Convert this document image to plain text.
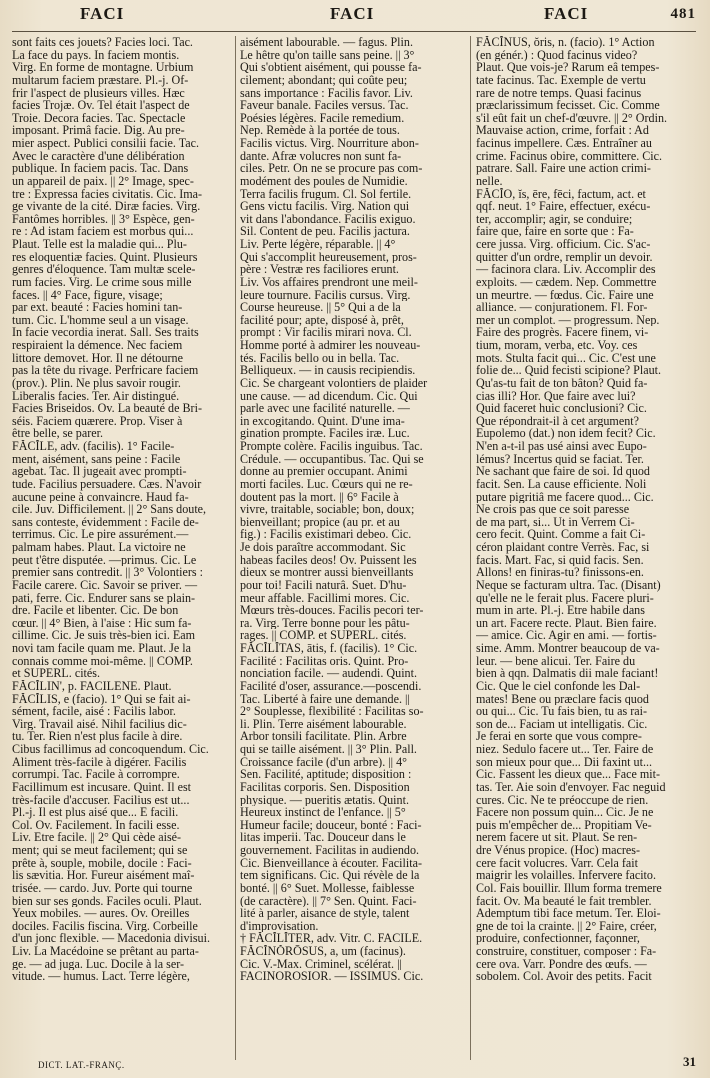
FACI	FACI	FACI	481
sont faits ces jouets? Facies loci. Tac.
La face du pays. In faciem montis.
Virg. En forme de montagne. Urbium
multarum faciem præstare. Pl.-j. Of-
frir l'aspect de plusieurs villes. Hæc
facies Trojæ. Ov. Tel était l'aspect de
Troie. Decora facies. Tac. Spectacle
imposant. Primâ facie. Dig. Au pre-
mier aspect. Publici consilii facie. Tac.
Avec le caractère d'une délibération
publique. In faciem pacis. Tac. Dans
un appareil de paix. || 2° Image, spec-
tre : Expressa facies civitatis. Cic. Ima-
ge vivante de la cité. Diræ facies. Virg.
Fantômes horribles. || 3° Espèce, gen-
re : Ad istam faciem est morbus qui...
Plaut. Telle est la maladie qui... Plu-
res eloquentiæ facies. Quint. Plusieurs
genres d'éloquence. Tam multæ scele-
rum facies. Virg. Le crime sous mille
faces. || 4° Face, figure, visage;
par ext. beauté : Facies homini tan-
tum. Cic. L'homme seul a un visage.
In facie vecordia inerat. Sall. Ses traits
respiraient la démence. Nec faciem
littore demovet. Hor. Il ne détourne
pas la tête du rivage. Perfricare faciem
(prov.). Plin. Ne plus savoir rougir.
Liberalis facies. Ter. Air distingué.
Facies Briseidos. Ov. La beauté de Bri-
séis. Faciem quærere. Prop. Viser à
être belle, se parer.
FĂCĬLE, adv. (facilis). 1° Facile-
ment, aisément, sans peine : Facile
agebat. Tac. Il jugeait avec prompti-
tude. Facilius persuadere. Cæs. N'avoir
aucune peine à convaincre. Haud fa-
cile. Juv. Difficilement. || 2° Sans doute,
sans conteste, évidemment : Facile de-
terrimus. Cic. Le pire assurément.—
palmam habes. Plaut. La victoire ne
peut t'être disputée. —primus. Cic. Le
premier sans contredit. || 3° Volontiers :
Facile carere. Cic. Savoir se priver. —
pati, ferre. Cic. Endurer sans se plain-
dre. Facile et libenter. Cic. De bon
cœur. || 4° Bien, à l'aise : Hic sum fa-
cillime. Cic. Je suis très-bien ici. Eam
novi tam facile quam me. Plaut. Je la
connais comme moi-même. || COMP.
et SUPERL. cités.
FĂCĬLIN', p. FACILENE. Plaut.
FĂCĬLIS, e (facio). 1° Qui se fait ai-
sément, facile, aisé : Facilis labor.
Virg. Travail aisé. Nihil facilius dic-
tu. Ter. Rien n'est plus facile à dire.
Cibus facillimus ad concoquendum. Cic.
Aliment très-facile à digérer. Facilis
corrumpi. Tac. Facile à corrompre.
Facillimum est incusare. Quint. Il est
très-facile d'accuser. Facilius est ut...
Pl.-j. Il est plus aisé que... E facili.
Col. Ov. Facilement. In facili esse.
Liv. Etre facile. || 2° Qui cède aisé-
ment; qui se meut facilement; qui se
prête à, souple, mobile, docile : Faci-
lis sævitia. Hor. Fureur aisément maî-
trisée. — cardo. Juv. Porte qui tourne
bien sur ses gonds. Faciles oculi. Plaut.
Yeux mobiles. — aures. Ov. Oreilles
dociles. Facilis fiscina. Virg. Corbeille
d'un jonc flexible. — Macedonia divisui.
Liv. La Macédoine se prêtant au parta-
ge. — ad juga. Luc. Docile à la ser-
vitude. — humus. Lact. Terre légère,
aisément labourable. — fagus. Plin.
Le hêtre qu'on taille sans peine. || 3°
Qui s'obtient aisément, qui pousse fa-
cilement; abondant; qui coûte peu;
sans importance : Facilis favor. Liv.
Faveur banale. Faciles versus. Tac.
Poésies légères. Facile remedium.
Nep. Remède à la portée de tous.
Facilis victus. Virg. Nourriture abon-
dante. Afræ volucres non sunt fa-
ciles. Petr. On ne se procure pas com-
modément des poules de Numidie.
Terra facilis frugum. Cl. Sol fertile.
Gens victu facilis. Virg. Nation qui
vit dans l'abondance. Facilis exiguo.
Sil. Content de peu. Facilis jactura.
Liv. Perte légère, réparable. || 4°
Qui s'accomplit heureusement, pros-
père : Vestræ res faciliores erunt.
Liv. Vos affaires prendront une meil-
leure tournure. Facilis cursus. Virg.
Course heureuse. || 5° Qui a de la
facilité pour; apte, disposé à, prêt,
prompt : Vir facilis mirari nova. Cl.
Homme porté à admirer les nouveau-
tés. Facilis bello ou in bella. Tac.
Belliqueux. — in causis recipiendis.
Cic. Se chargeant volontiers de plaider
une cause. — ad dicendum. Cic. Qui
parle avec une facilité naturelle. —
in excogitando. Quint. D'une ima-
gination prompte. Faciles iræ. Luc.
Prompte colère. Facilis inguibus. Tac.
Crédule. — occupantibus. Tac. Qui se
donne au premier occupant. Animi
morti faciles. Luc. Cœurs qui ne re-
doutent pas la mort. || 6° Facile à
vivre, traitable, sociable; bon, doux;
bienveillant; propice (au pr. et au
fig.) : Facilis existimari debeo. Cic.
Je dois paraître accommodant. Sic
habeas faciles deos! Ov. Puissent les
dieux se montrer aussi bienveillants
pour toi! Facili naturâ. Suet. D'hu-
meur affable. Facillimi mores. Cic.
Mœurs très-douces. Facilis pecori ter-
ra. Virg. Terre bonne pour les pâtu-
rages. || COMP. et SUPERL. cités.
FĂCĬLĬTAS, ātis, f. (facilis). 1° Cic.
Facilité : Facilitas oris. Quint. Pro-
nonciation facile. — audendi. Quint.
Facilité d'oser, assurance.—poscendi.
Tac. Liberté à faire une demande. ||
2° Souplesse, flexibilité : Facilitas so-
li. Plin. Terre aisément labourable.
Arbor tonsili facilitate. Plin. Arbre
qui se taille aisément. || 3° Plin. Pall.
Croissance facile (d'un arbre). || 4°
Sen. Facilité, aptitude; disposition :
Facilitas corporis. Sen. Disposition
physique. — pueritis ætatis. Quint.
Heureux instinct de l'enfance. || 5°
Humeur facile; douceur, bonté : Faci-
litas imperii. Tac. Douceur dans le
gouvernement. Facilitas in audiendo.
Cic. Bienveillance à écouter. Facilita-
tem significans. Cic. Qui révèle de la
bonté. || 6° Suet. Mollesse, faiblesse
(de caractère). || 7° Sen. Quint. Faci-
lité à parler, aisance de style, talent
d'improvisation.
† FĂCĬLĬTER, adv. Vitr. C. FACILE.
FĂCĬNŎRŌSUS, a, um (facinus).
Cic. V.-Max. Criminel, scélérat. ||
FACINOROSIOR. — ISSIMUS. Cic.
FĂCĬNUS, ŏris, n. (facio). 1° Action
(en génér.) : Quod facinus video?
Plaut. Que vois-je? Rarum eâ tempes-
tate facinus. Tac. Exemple de vertu
rare de notre temps. Quasi facinus
præclarissimum fecisset. Cic. Comme
s'il eût fait un chef-d'œuvre. || 2° Ordin.
Mauvaise action, crime, forfait : Ad
facinus impellere. Cæs. Entraîner au
crime. Facinus obire, committere. Cic.
patrare. Sall. Faire une action crimi-
nelle.
FĂCĬO, ĭs, ēre, fēci, factum, act. et
qqf. neut. 1° Faire, effectuer, exécu-
ter, accomplir; agir, se conduire;
faire que, faire en sorte que : Fa-
cere jussa. Virg. officium. Cic. S'ac-
quitter d'un ordre, remplir un devoir.
— facinora clara. Liv. Accomplir des
exploits. — cædem. Nep. Commettre
un meurtre. — fœdus. Cic. Faire une
alliance. — conjurationem. Fl. For-
mer un complot. — progressum. Nep.
Faire des progrès. Facere finem, vi-
tium, moram, verba, etc. Voy. ces
mots. Stulta facit qui... Cic. C'est une
folie de... Quid fecisti scipione? Plaut.
Qu'as-tu fait de ton bâton? Quid fa-
cias illi? Hor. Que faire avec lui?
Quid faceret huic conclusioni? Cic.
Que répondrait-il à cet argument?
Eupolemo (dat.) non idem fecit? Cic.
N'en a-t-il pas usé ainsi avec Eupo-
lémus? Incertus quid se faciat. Ter.
Ne sachant que faire de soi. Id quod
facit. Sen. La cause efficiente. Noli
putare pigritiâ me facere quod... Cic.
Ne crois pas que ce soit paresse
de ma part, si... Ut in Verrem Ci-
cero fecit. Quint. Comme a fait Ci-
céron plaidant contre Verrès. Fac, si
facis. Mart. Fac, si quid facis. Sen.
Allons! en finiras-tu? finissons-en.
Neque se facturam ultra. Tac. (Disant)
qu'elle ne le ferait plus. Facere pluri-
mum in arte. Pl.-j. Etre habile dans
un art. Facere recte. Plaut. Bien faire.
— amice. Cic. Agir en ami. — fortis-
sime. Amm. Montrer beaucoup de va-
leur. — bene alicui. Ter. Faire du
bien à qqn. Dalmatis dii male faciant!
Cic. Que le ciel confonde les Dal-
mates! Bene ou præclare facis quod
ou qui... Cic. Tu fais bien, tu as rai-
son de... Faciam ut intelligatis. Cic.
Je ferai en sorte que vous compre-
niez. Sedulo facere ut... Ter. Faire de
son mieux pour que... Dii faxint ut...
Cic. Fassent les dieux que... Face mit-
tas. Ter. Aie soin d'envoyer. Fac neguid
cures. Cic. Ne te préoccupe de rien.
Facere non possum quin... Cic. Je ne
puis m'empêcher de... Propitiam Ve-
nerem facere ut sit. Plaut. Se ren-
dre Vénus propice. (Hoc) macres-
cere facit volucres. Varr. Cela fait
maigrir les volailles. Infervere facito.
Col. Fais bouillir. Illum forma tremere
facit. Ov. Ma beauté le fait trembler.
Ademptum tibi face metum. Ter. Eloi-
gne de toi la crainte. || 2° Faire, créer,
produire, confectionner, façonner,
construire, constituer, composer : Fa-
cere ova. Varr. Pondre des œufs. —
sobolem. Col. Avoir des petits. Facit
DICT. LAT.-FRANÇ.	31
